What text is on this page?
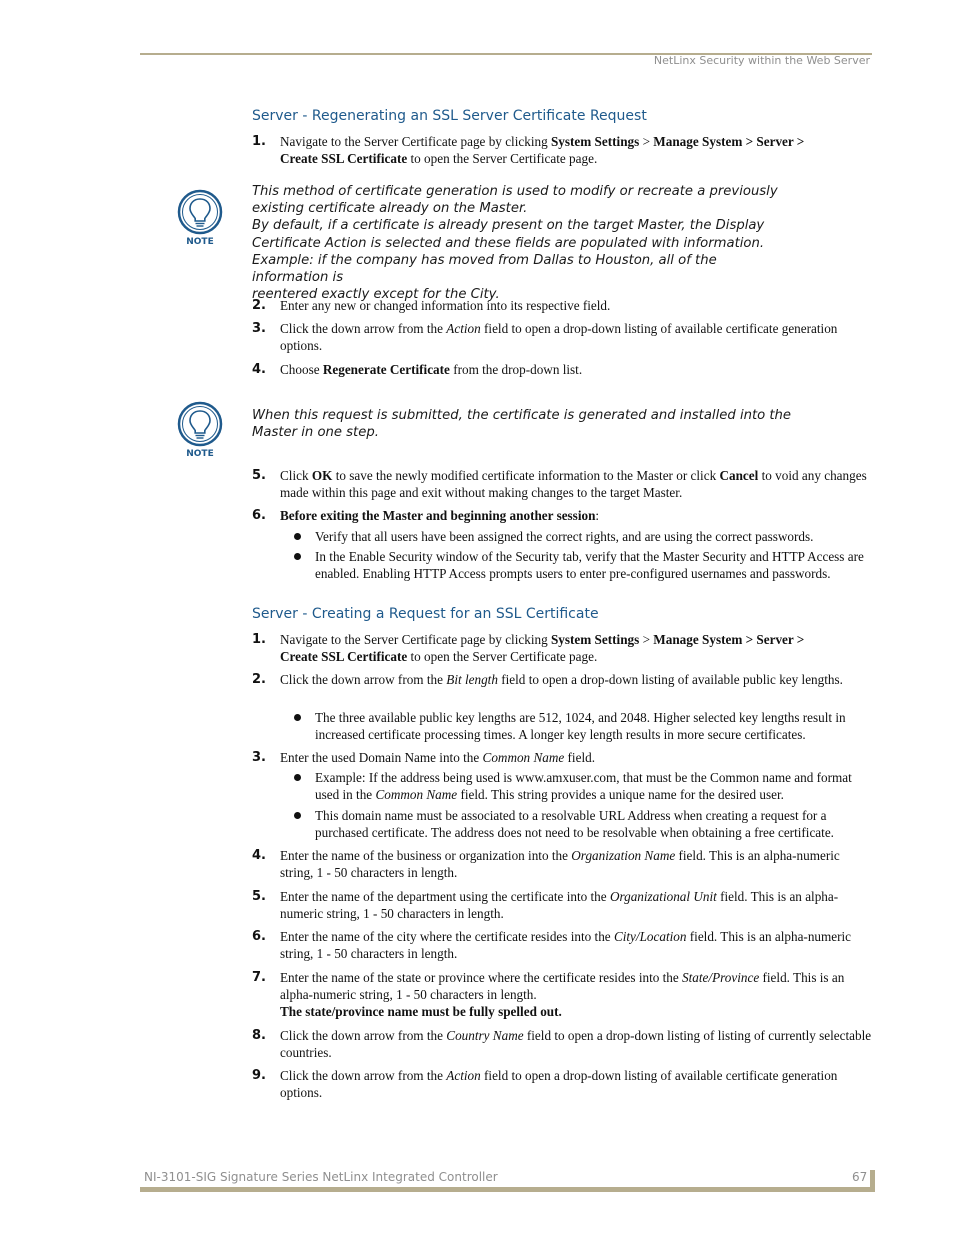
NetLinx Security within the Web Server
Server - Regenerating an SSL Server Certificate Request
1. Navigate to the Server Certificate page by clicking System Settings > Manage System > Server >
Create SSL Certificate to open the Server Certificate page.
NOTE

This method of certificate generation is used to modify or recreate a previously

existing certificate already on the Master.

By default, if a certificate is already present on the target Master, the Display

Certificate Action is selected and these fields are populated with information.

Example: if the company has moved from Dallas to Houston, all of the information is

reentered exactly except for the City.

2. Enter any new or changed information into its respective field.
3. Click the down arrow from the Action field to open a drop-down listing of available certificate generation options.
4. Choose Regenerate Certificate from the drop-down list.
NOTE

When this request is submitted, the certificate is generated and installed into the

Master in one step.

5. Click OK to save the newly modified certificate information to the Master or click Cancel to void any changes made within this page and exit without making changes to the target Master.
6. Before exiting the Master and beginning another session:
Verify that all users have been assigned the correct rights, and are using the correct passwords.
In the Enable Security window of the Security tab, verify that the Master Security and HTTP Access are enabled. Enabling HTTP Access prompts users to enter pre-configured usernames and passwords.
Server - Creating a Request for an SSL Certificate
1. Navigate to the Server Certificate page by clicking System Settings > Manage System > Server >
Create SSL Certificate to open the Server Certificate page.
2. Click the down arrow from the Bit length field to open a drop-down listing of available public key lengths.
The three available public key lengths are 512, 1024, and 2048. Higher selected key lengths result in increased certificate processing times. A longer key length results in more secure certificates.
3. Enter the used Domain Name into the Common Name field.
Example: If the address being used is www.amxuser.com, that must be the Common name and format used in the Common Name field. This string provides a unique name for the desired user.
This domain name must be associated to a resolvable URL Address when creating a request for a purchased certificate. The address does not need to be resolvable when obtaining a free certificate.
4. Enter the name of the business or organization into the Organization Name field. This is an alpha-numeric string, 1 - 50 characters in length.
5. Enter the name of the department using the certificate into the Organizational Unit field. This is an alpha-numeric string, 1 - 50 characters in length.
6. Enter the name of the city where the certificate resides into the City/Location field. This is an alpha-numeric string, 1 - 50 characters in length.
7. Enter the name of the state or province where the certificate resides into the State/Province field. This is an alpha-numeric string, 1 - 50 characters in length.
The state/province name must be fully spelled out.
8. Click the down arrow from the Country Name field to open a drop-down listing of listing of currently selectable countries.
9. Click the down arrow from the Action field to open a drop-down listing of available certificate generation options.
NI-3101-SIG Signature Series NetLinx Integrated Controller	67
